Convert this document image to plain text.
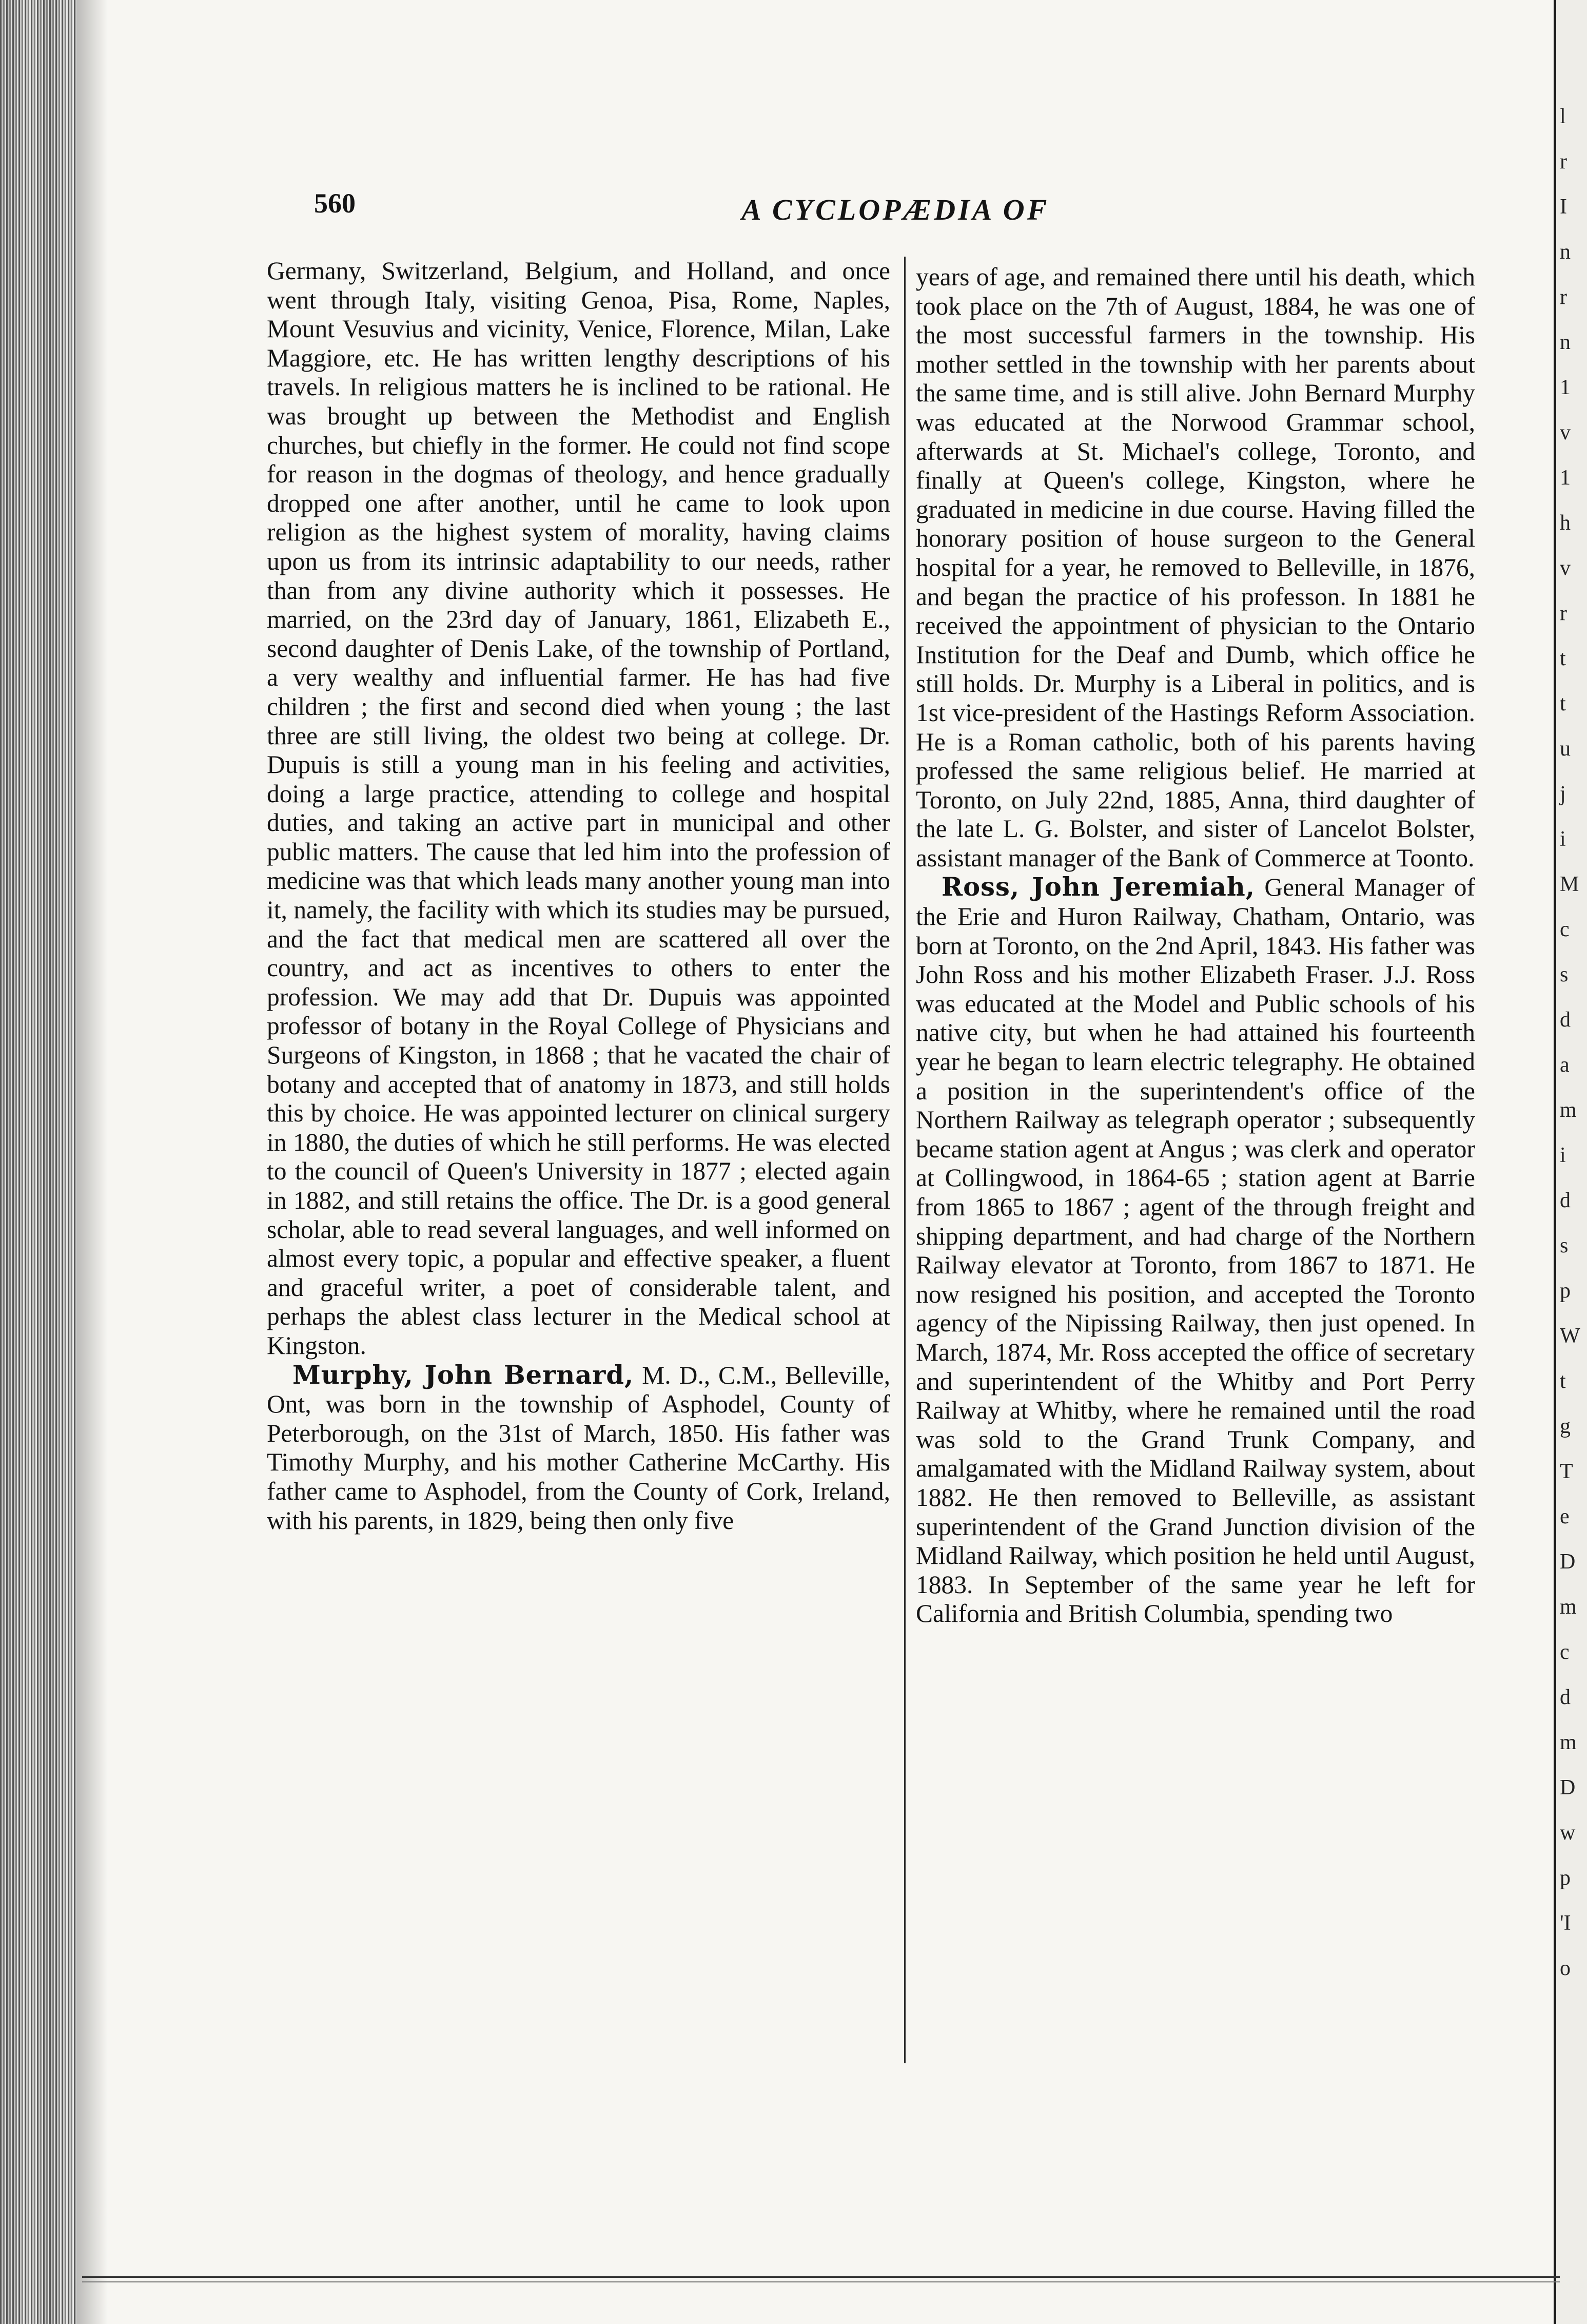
l
r
I
n
r
n
1
v
1
h
v
r
t
t
u
j
i
M
c
s
d
a
m
i
d
s
p
W
t
g
T
e
D
m
c
d
m
D
w
p
'I
o
560	A CYCLOPÆDIA OF

Germany, Switzerland, Belgium, and Holland, and once went through Italy, visiting Genoa, Pisa, Rome, Naples, Mount Vesuvius and vicinity, Venice, Florence, Milan, Lake Maggiore, etc. He has written lengthy descriptions of his travels. In religious matters he is inclined to be rational. He was brought up between the Methodist and English churches, but chiefly in the former. He could not find scope for reason in the dogmas of theology, and hence gradually dropped one after another, until he came to look upon religion as the highest system of morality, having claims upon us from its intrinsic adaptability to our needs, rather than from any divine authority which it possesses. He married, on the 23rd day of January, 1861, Elizabeth E., second daughter of Denis Lake, of the township of Portland, a very wealthy and influential farmer. He has had five children ; the first and second died when young ; the last three are still living, the oldest two being at college. Dr. Dupuis is still a young man in his feeling and activities, doing a large practice, attending to college and hospital duties, and taking an active part in municipal and other public matters. The cause that led him into the profession of medicine was that which leads many another young man into it, namely, the facility with which its studies may be pursued, and the fact that medical men are scattered all over the country, and act as incentives to others to enter the profession. We may add that Dr. Dupuis was appointed professor of botany in the Royal College of Physicians and Surgeons of Kingston, in 1868 ; that he vacated the chair of botany and accepted that of anatomy in 1873, and still holds this by choice. He was appointed lecturer on clinical surgery in 1880, the duties of which he still performs. He was elected to the council of Queen's University in 1877 ; elected again in 1882, and still retains the office. The Dr. is a good general scholar, able to read several languages, and well informed on almost every topic, a popular and effective speaker, a fluent and graceful writer, a poet of considerable talent, and perhaps the ablest class lecturer in the Medical school at Kingston.

Murphy, John Bernard, M. D., C.M., Belleville, Ont, was born in the township of Asphodel, County of Peterborough, on the 31st of March, 1850. His father was Timothy Murphy, and his mother Catherine McCarthy. His father came to Asphodel, from the County of Cork, Ireland, with his parents, in 1829, being then only five

years of age, and remained there until his death, which took place on the 7th of August, 1884, he was one of the most successful farmers in the township. His mother settled in the township with her parents about the same time, and is still alive. John Bernard Murphy was educated at the Norwood Grammar school, afterwards at St. Michael's college, Toronto, and finally at Queen's college, Kingston, where he graduated in medicine in due course. Having filled the honorary position of house surgeon to the General hospital for a year, he removed to Belleville, in 1876, and began the practice of his professon. In 1881 he received the appointment of physician to the Ontario Institution for the Deaf and Dumb, which office he still holds. Dr. Murphy is a Liberal in politics, and is 1st vice-president of the Hastings Reform Association. He is a Roman catholic, both of his parents having professed the same religious belief. He married at Toronto, on July 22nd, 1885, Anna, third daughter of the late L. G. Bolster, and sister of Lancelot Bolster, assistant manager of the Bank of Commerce at Toonto.

Ross, John Jeremiah, General Manager of the Erie and Huron Railway, Chatham, Ontario, was born at Toronto, on the 2nd April, 1843. His father was John Ross and his mother Elizabeth Fraser. J.J. Ross was educated at the Model and Public schools of his native city, but when he had attained his fourteenth year he began to learn electric telegraphy. He obtained a position in the superintendent's office of the Northern Railway as telegraph operator ; subsequently became station agent at Angus ; was clerk and operator at Collingwood, in 1864-65 ; station agent at Barrie from 1865 to 1867 ; agent of the through freight and shipping department, and had charge of the Northern Railway elevator at Toronto, from 1867 to 1871. He now resigned his position, and accepted the Toronto agency of the Nipissing Railway, then just opened. In March, 1874, Mr. Ross accepted the office of secretary and superintendent of the Whitby and Port Perry Railway at Whitby, where he remained until the road was sold to the Grand Trunk Company, and amalgamated with the Midland Railway system, about 1882. He then removed to Belleville, as assistant superintendent of the Grand Junction division of the Midland Railway, which position he held until August, 1883. In September of the same year he left for California and British Columbia, spending two
